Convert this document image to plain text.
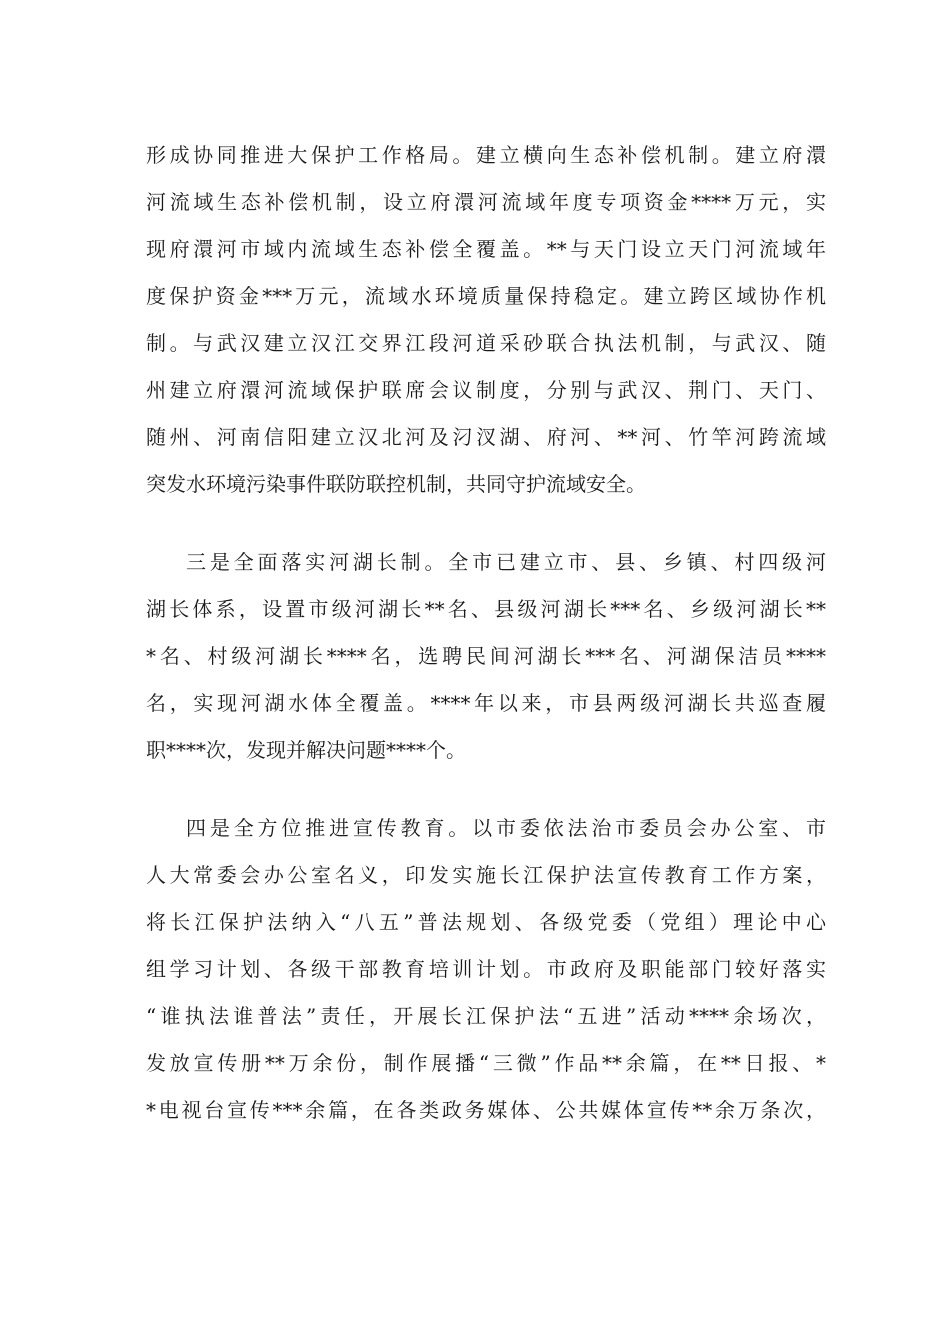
形成协同推进大保护工作格局。建立横向生态补偿机制。建立府澴
河流域生态补偿机制，设立府澴河流域年度专项资金****万元，实
现府澴河市域内流域生态补偿全覆盖。**与天门设立天门河流域年
度保护资金***万元，流域水环境质量保持稳定。建立跨区域协作机
制。与武汉建立汉江交界江段河道采砂联合执法机制，与武汉、随
州建立府澴河流域保护联席会议制度，分别与武汉、荆门、天门、
随州、河南信阳建立汉北河及汈汊湖、府河、**河、竹竿河跨流域
突发水环境污染事件联防联控机制，共同守护流域安全。
三是全面落实河湖长制。全市已建立市、县、乡镇、村四级河
湖长体系，设置市级河湖长**名、县级河湖长***名、乡级河湖长**
*名、村级河湖长****名，选聘民间河湖长***名、河湖保洁员****
名，实现河湖水体全覆盖。****年以来，市县两级河湖长共巡查履
职****次，发现并解决问题****个。
四是全方位推进宣传教育。以市委依法治市委员会办公室、市
人大常委会办公室名义，印发实施长江保护法宣传教育工作方案，
将长江保护法纳入“八五”普法规划、各级党委（党组）理论中心
组学习计划、各级干部教育培训计划。市政府及职能部门较好落实
“谁执法谁普法”责任，开展长江保护法“五进”活动****余场次，
发放宣传册**万余份，制作展播“三微”作品**余篇，在**日报、*
*电视台宣传***余篇，在各类政务媒体、公共媒体宣传**余万条次，
